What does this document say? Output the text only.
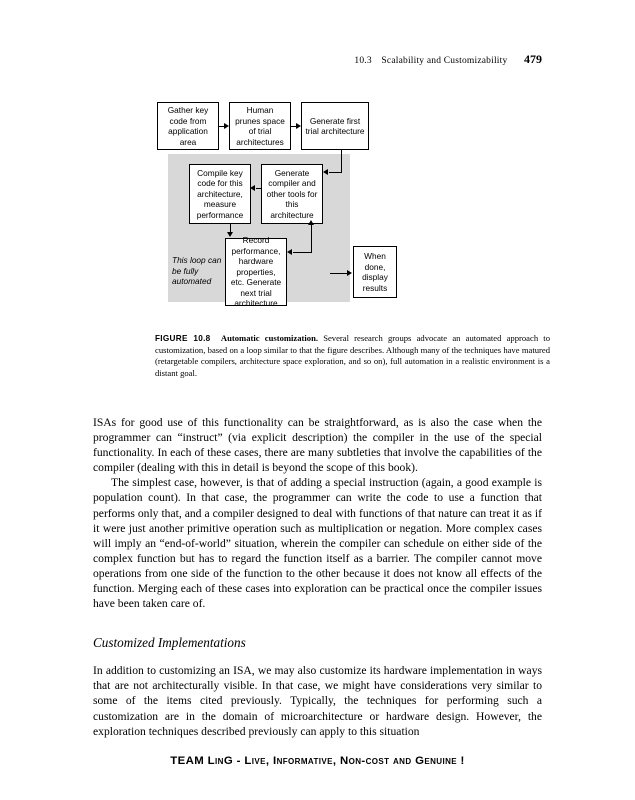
10.3 Scalability and Customizability 479
Gather key code from application area
Human prunes space of trial architectures
Generate first trial architecture
Compile key code for this architecture, measure performance
Generate compiler and other tools for this architecture
Record performance, hardware properties, etc. Generate next trial architecture
When done, display results
This loop can be fully automated
FIGURE 10.8 Automatic customization. Several research groups advocate an automated approach to customization, based on a loop similar to that the figure describes. Although many of the techniques have matured (retargetable compilers, architecture space exploration, and so on), full automation in a realistic environment is a distant goal.

ISAs for good use of this functionality can be straightforward, as is also the case when the programmer can “instruct” (via explicit description) the compiler in the use of the special functionality. In each of these cases, there are many subtleties that involve the capabilities of the compiler (dealing with this in detail is beyond the scope of this book).

The simplest case, however, is that of adding a special instruction (again, a good example is population count). In that case, the programmer can write the code to use a function that performs only that, and a compiler designed to deal with functions of that nature can treat it as if it were just another primitive operation such as multiplication or negation. More complex cases will imply an “end-of-world” situation, wherein the compiler can schedule on either side of the complex function but has to regard the function itself as a barrier. The compiler cannot move operations from one side of the function to the other because it does not know all effects of the function. Merging each of these cases into exploration can be practical once the compiler issues have been taken care of.

Customized Implementations

In addition to customizing an ISA, we may also customize its hardware implementation in ways that are not architecturally visible. In that case, we might have considerations very similar to some of the items cited previously. Typically, the techniques for performing such a customization are in the domain of microarchitecture or hardware design. However, the exploration techniques described previously can apply to this situation

TEAM LinG - Live, Informative, Non-cost and Genuine !
